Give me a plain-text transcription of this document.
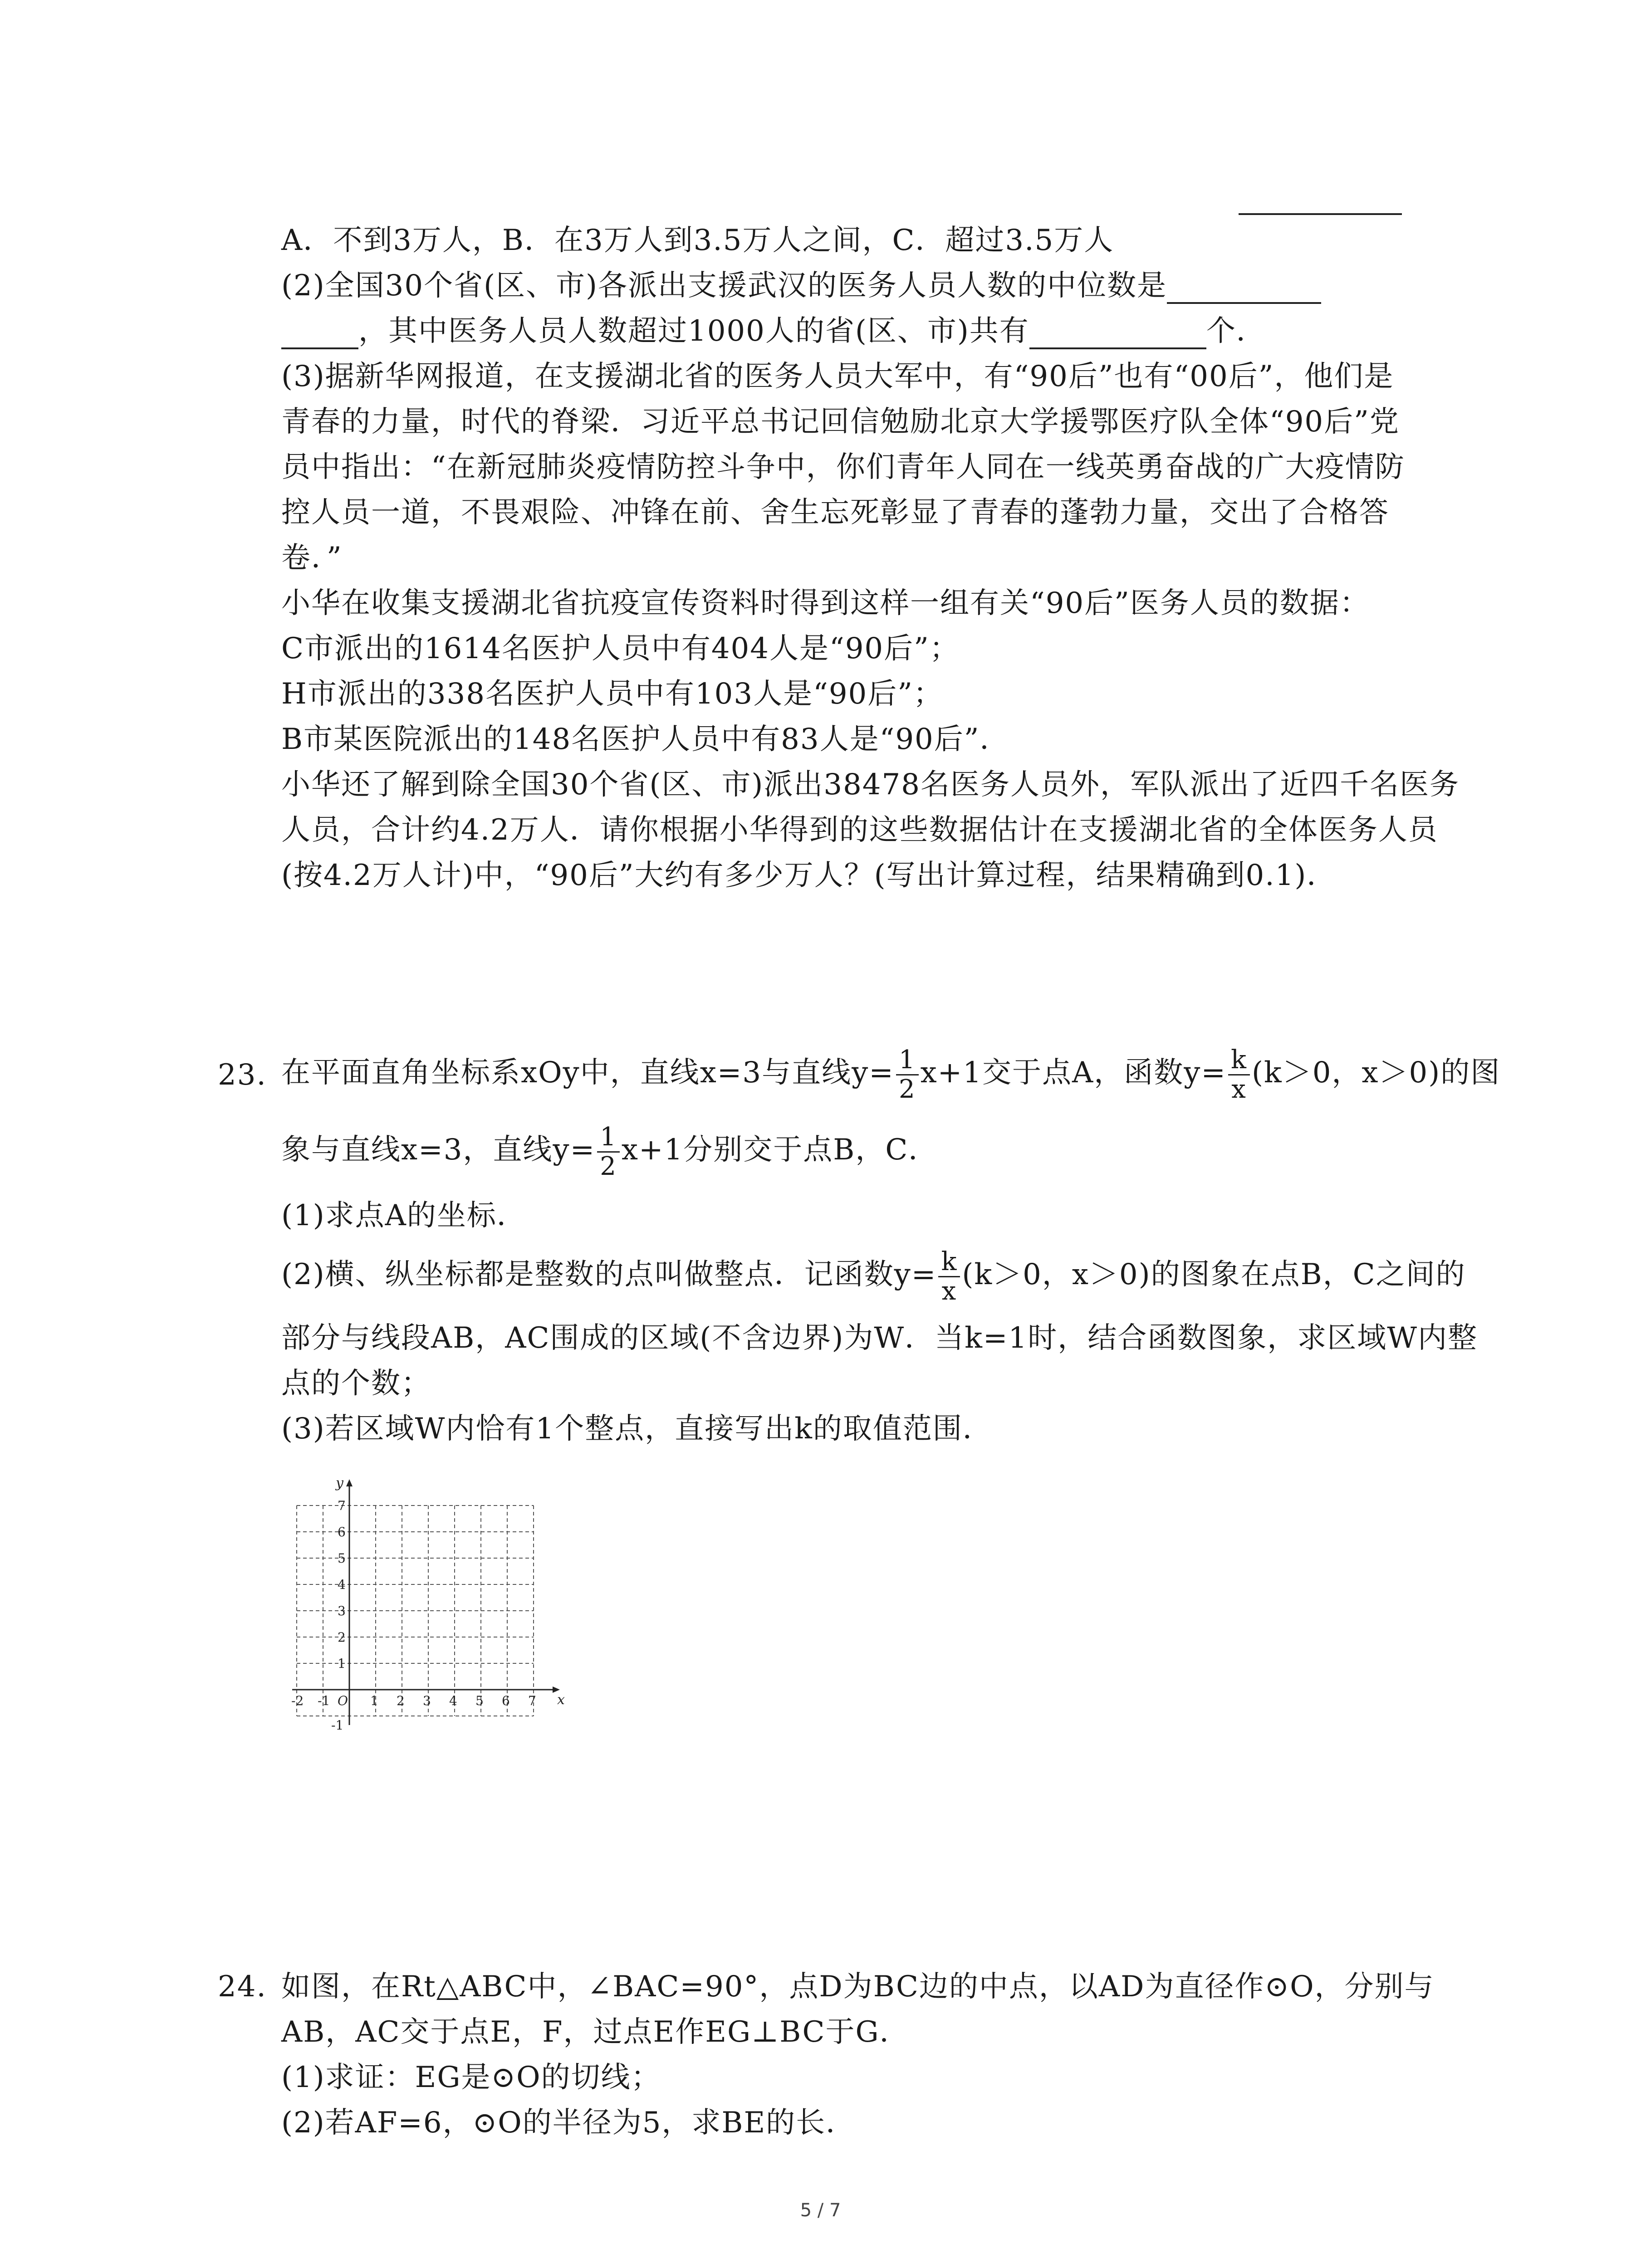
A．不到3万人，B．在3万人到3.5万人之间，C．超过3.5万人
(2)全国30个省(区、市)各派出支援武汉的医务人员人数的中位数是
，其中医务人员人数超过1000人的省(区、市)共有	个．
(3)据新华网报道，在支援湖北省的医务人员大军中，有“90后”也有“00后”，他们是
青春的力量，时代的脊梁．习近平总书记回信勉励北京大学援鄂医疗队全体“90后”党
员中指出：“在新冠肺炎疫情防控斗争中，你们青年人同在一线英勇奋战的广大疫情防
控人员一道，不畏艰险、冲锋在前、舍生忘死彰显了青春的蓬勃力量，交出了合格答
卷．”
小华在收集支援湖北省抗疫宣传资料时得到这样一组有关“90后”医务人员的数据：
C市派出的1614名医护人员中有404人是“90后”；
H市派出的338名医护人员中有103人是“90后”；
B市某医院派出的148名医护人员中有83人是“90后”．
小华还了解到除全国30个省(区、市)派出38478名医务人员外，军队派出了近四千名医务
人员，合计约4.2万人．请你根据小华得到的这些数据估计在支援湖北省的全体医务人员
(按4.2万人计)中，“90后”大约有多少万人？(写出计算过程，结果精确到0.1)．
23. 在平面直角坐标系xOy中，直线x=3与直线$y= \frac{1}{2} x+1$交于点A，函数$y= \frac{k}{x} (k>0$，x＞0)的图
象与直线x=3，直线$y= \frac{1}{2} x+1$分别交于点B，C．
(1)求点A的坐标．
(2)横、纵坐标都是整数的点叫做整点．记函数$y= \frac{k}{x} (k>0$，x＞0)的图象在点B，C之间的
部分与线段AB，AC围成的区域(不含边界)为W．当k=1时，结合函数图象，求区域W内整
点的个数；
(3)若区域W内恰有1个整点，直接写出k的取值范围．
x
y
-2 -1 O 1 2 3 4 5 6 7
-1
1
2
3
4
5
6
7
24. 如图，在Rt△ABC中，∠BAC=90°，点D为BC边的中点，以AD为直径作⊙O，分别与
AB，AC交于点E，F，过点E作EG⊥BC于G．
(1)求证：EG是⊙O的切线；
(2)若AF=6，⊙O的半径为5，求BE的长．
5 / 7
